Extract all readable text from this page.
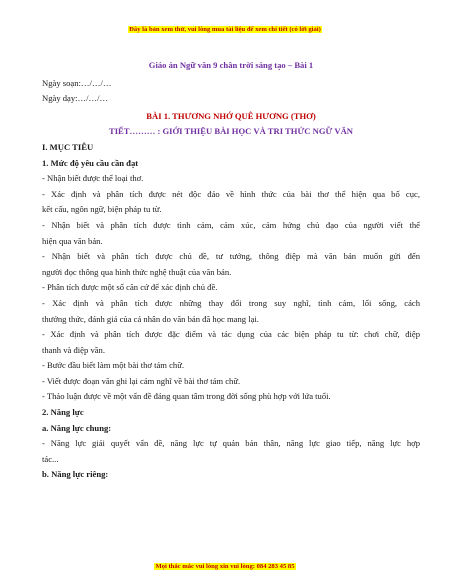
Đây là bản xem thử, vui lòng mua tài liệu để xem chi tiết (có lời giải)
Giáo án Ngữ văn 9 chân trời sáng tạo – Bài 1
Ngày soạn:…/…/…
Ngày dạy:…/…/…
BÀI 1. THƯƠNG NHỚ QUÊ HƯƠNG (THƠ)
TIẾT……… : GIỚI THIỆU BÀI HỌC VÀ TRI THỨC NGỮ VĂN
I. MỤC TIÊU
1. Mức độ yêu cầu cần đạt
- Nhận biết được thể loại thơ.
- Xác định và phân tích được nét độc đáo về hình thức của bài thơ thể hiện qua bố cục,
kết cấu, ngôn ngữ, biện pháp tu từ.
- Nhận biết và phân tích được tình cảm, cảm xúc, cảm hứng chủ đạo của người viết thể
hiện qua văn bản.
- Nhận biết và phân tích được chủ đề, tư tưởng, thông điệp mà văn bản muốn gửi đến
người đọc thông qua hình thức nghệ thuật của văn bản.
- Phân tích được một số căn cứ để xác định chủ đề.
- Xác định và phân tích được những thay đổi trong suy nghĩ, tình cảm, lối sống, cách
thưởng thức, đánh giá của cá nhân do văn bản đã học mang lại.
- Xác định và phân tích được đặc điểm và tác dụng của các biện pháp tu từ: chơi chữ, điệp
thanh và điệp vần.
- Bước đầu biết làm một bài thơ tám chữ.
- Viết được đoạn văn ghi lại cảm nghĩ về bài thơ tám chữ.
- Thảo luận được về một vấn đề đáng quan tâm trong đời sống phù hợp với lứa tuổi.
2. Năng lực
a. Năng lực chung:
- Năng lực giải quyết vấn đề, năng lực tự quản bản thân, năng lực giao tiếp, năng lực hợp
tác...
b. Năng lực riêng:
Mọi thắc mắc vui lòng xin vui lòng: 084 283 45 85
